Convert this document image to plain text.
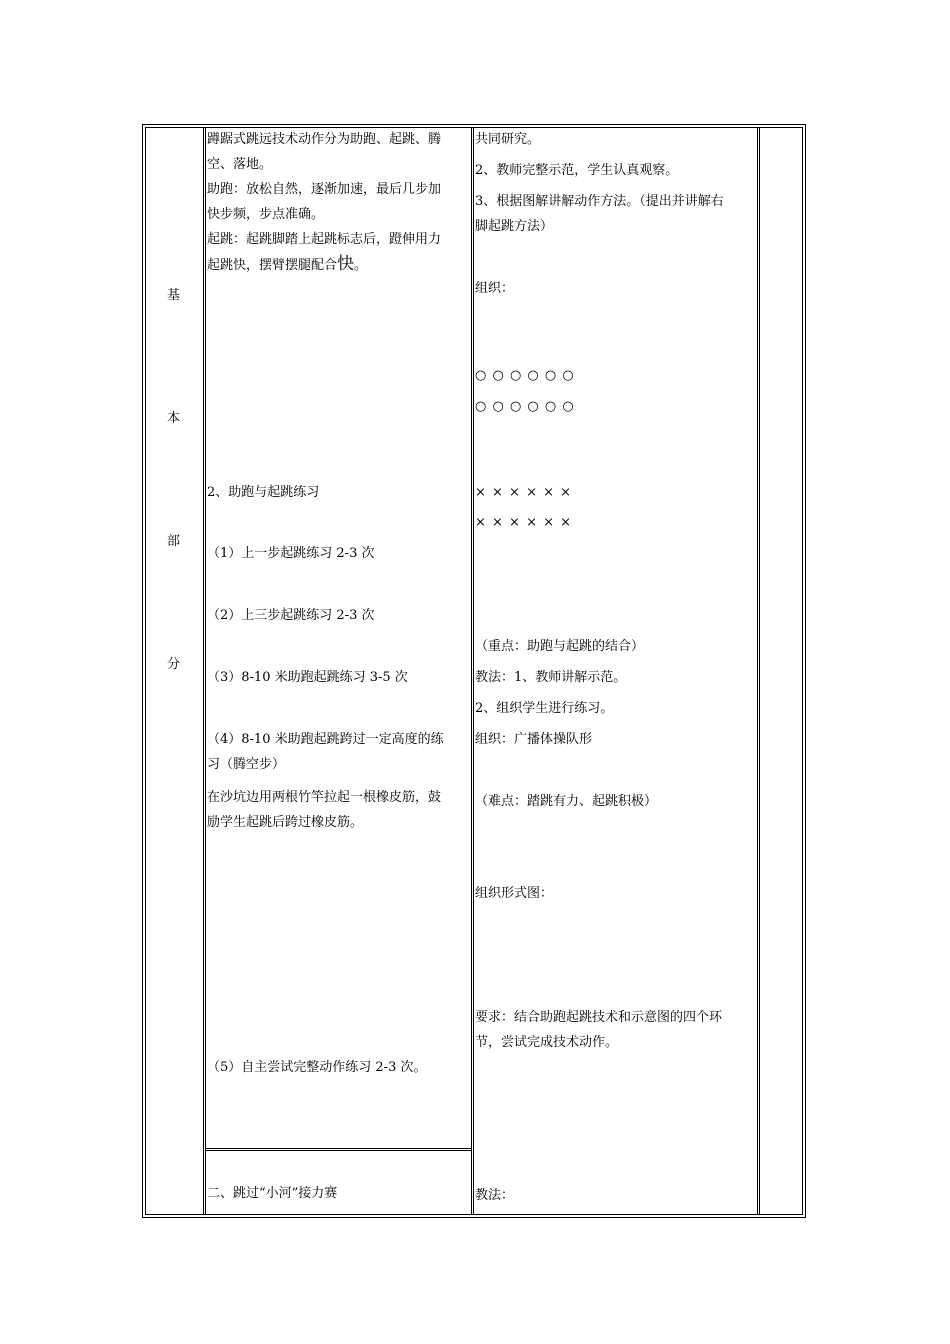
基
本
部
分
蹲踞式跳远技术动作分为助跑、起跳、腾
空、落地。
助跑：放松自然，逐渐加速，最后几步加
快步频，步点准确。
起跳：起跳脚踏上起跳标志后，蹬伸用力
起跳快，摆臂摆腿配合快。
2、助跑与起跳练习
（1）上一步起跳练习 2-3 次
（2）上三步起跳练习 2-3 次
（3）8-10 米助跑起跳练习 3-5 次
（4）8-10 米助跑起跳跨过一定高度的练
习（腾空步）
在沙坑边用两根竹竿拉起一根橡皮筋，鼓
励学生起跳后跨过橡皮筋。
（5）自主尝试完整动作练习 2-3 次。
二、跳过“小河”接力赛
共同研究。
2、教师完整示范，学生认真观察。
3、根据图解讲解动作方法。（提出并讲解右
脚起跳方法）
组织：
○ ○ ○ ○ ○ ○
○ ○ ○ ○ ○ ○
× × × × × ×
× × × × × ×
（重点：助跑与起跳的结合）
教法：1、教师讲解示范。
2、组织学生进行练习。
组织：广播体操队形
（难点：踏跳有力、起跳积极）
组织形式图：
要求：结合助跑起跳技术和示意图的四个环
节，尝试完成技术动作。
教法：
